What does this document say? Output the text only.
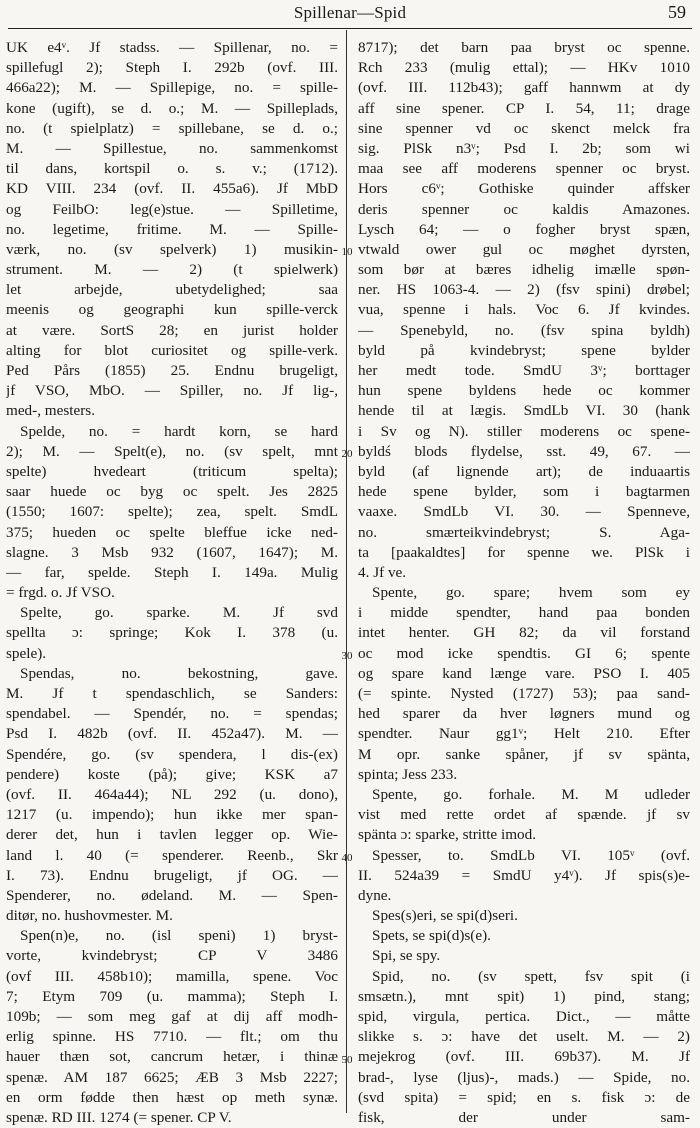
Spillenar—Spid	59
10
20
30
40
50
UK e4ᵛ. Jf stadss. — Spillenar, no. =
spillefugl 2); Steph I. 292b (ovf. III.
466a22); M. — Spillepige, no. = spille-
kone (ugift), se d. o.; M. — Spilleplads,
no. (t spielplatz) = spillebane, se d. o.;
M. — Spillestue, no. sammenkomst
til dans, kortspil o. s. v.; (1712).
KD VIII. 234 (ovf. II. 455a6). Jf MbD
og FeilbO: leg(e)stue. — Spilletime,
no. legetime, fritime. M. — Spille-
værk, no. (sv spelverk) 1) musikin-
strument. M. — 2) (t spielwerk)
let arbejde, ubetydelighed; saa
meenis og geographi kun spille-verck
at være. SortS 28; en jurist holder
alting for blot curiositet og spille-verk.
Ped Pårs (1855) 25. Endnu brugeligt,
jf VSO, MbO. — Spiller, no. Jf lig-,
med-, mesters.
Spelde, no. = hardt korn, se hard
2); M. — Spelt(e), no. (sv spelt, mnt
spelte) hvedeart (triticum spelta);
saar huede oc byg oc spelt. Jes 2825
(1550; 1607: spelte); zea, spelt. SmdL
375; hueden oc spelte bleffue icke ned-
slagne. 3 Msb 932 (1607, 1647); M.
— far, spelde. Steph I. 149a. Mulig
= frgd. o. Jf VSO.
Spelte, go. sparke. M. Jf svd
spellta ɔ: springe; Kok I. 378 (u.
spele).
Spendas, no. bekostning, gave.
M. Jf t spendaschlich, se Sanders:
spendabel. — Spendér, no. = spendas;
Psd I. 482b (ovf. II. 452a47). M. —
Spendére, go. (sv spendera, l dis-(ex)
pendere) koste (på); give; KSK a7
(ovf. II. 464a44); NL 292 (u. dono),
1217 (u. impendo); hun ikke mer span-
derer det, hun i tavlen legger op. Wie-
land l. 40 (= spenderer. Reenb., Skr
I. 73). Endnu brugeligt, jf OG. —
Spenderer, no. ødeland. M. — Spen-
ditør, no. hushovmester. M.
Spen(n)e, no. (isl speni) 1) bryst-
vorte, kvindebryst; CP V 3486
(ovf III. 458b10); mamilla, spene. Voc
7; Etym 709 (u. mamma); Steph I.
109b; — som meg gaf at dij aff modh-
erlig spinne. HS 7710. — flt.; om thu
hauer thæn sot, cancrum hetær, i thinæ
spenæ. AM 187 6625; ÆB 3 Msb 2227;
en orm fødde then hæst op meth synæ.
spenæ. RD III. 1274 (= spener. CP V.
8717); det barn paa bryst oc spenne.
Rch 233 (mulig ettal); — HKv 1010
(ovf. III. 112b43); gaff hannwm at dy
aff sine spener. CP I. 54, 11; drage
sine spenner vd oc skenct melck fra
sig. PlSk n3ᵛ; Psd I. 2b; som wi
maa see aff moderens spenner oc bryst.
Hors c6ᵛ; Gothiske quinder affsker
deris spenner oc kaldis Amazones.
Lysch 64; — o fogher bryst spæn,
vtwald ower gul oc møghet dyrsten,
som bør at bæres idhelig imælle spøn-
ner. HS 1063-4. — 2) (fsv spini) drøbel;
vua, spenne i hals. Voc 6. Jf kvindes.
— Spenebyld, no. (fsv spina byldh)
byld på kvindebryst; spene bylder
her medt tode. SmdU 3ᵛ; borttager
hun spene byldens hede oc kommer
hende til at lægis. SmdLb VI. 30 (hank
i Sv og N). stiller moderens oc spene-
byldś blods flydelse, sst. 49, 67. —
byld (af lignende art); de induaartis
hede spene bylder, som i bagtarmen
vaaxe. SmdLb VI. 30. — Spenneve,
no. smærteikvindebryst; S. Aga-
ta [paakaldtes] for spenne we. PlSk i
4. Jf ve.
Spente, go. spare; hvem som ey
i midde spendter, hand paa bonden
intet henter. GH 82; da vil forstand
oc mod icke spendtis. GI 6; spente
og spare kand længe vare. PSO I. 405
(= spinte. Nysted (1727) 53); paa sand-
hed sparer da hver løgners mund og
spendter. Naur gg1ᵛ; Helt 210. Efter
M opr. sanke spåner, jf sv spänta,
spinta; Jess 233.
Spente, go. forhale. M. M udleder
vist med rette ordet af spænde. jf sv
spänta ɔ: sparke, stritte imod.
Spesser, to. SmdLb VI. 105ᵛ (ovf.
II. 524a39 = SmdU y4ᵛ). Jf spis(s)e-
dyne.
Spes(s)eri, se spi(d)seri.
Spets, se spi(d)s(e).
Spi, se spy.
Spid, no. (sv spett, fsv spit (i
smsætn.), mnt spit) 1) pind, stang;
spid, virgula, pertica. Dict., — måtte
slikke s. ɔ: have det uselt. M. — 2)
mejekrog (ovf. III. 69b37). M. Jf
brad-, lyse (ljus)-, mads.) — Spide, no.
(svd spita) = spid; en s. fisk ɔ: de
fisk, der under sam-
